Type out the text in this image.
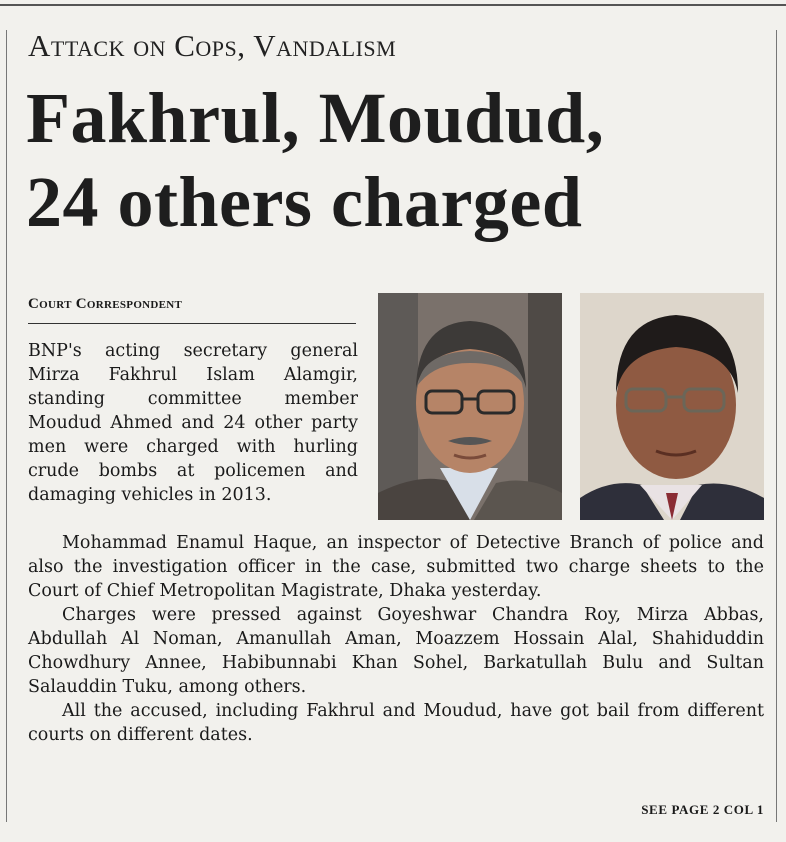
Attack on Cops, Vandalism
Fakhrul, Moudud,
24 others charged
Court Correspondent

BNP's acting secretary general Mirza Fakhrul Islam Alamgir, standing committee member Moudud Ahmed and 24 other party men were charged with hurling crude bombs at policemen and damaging vehicles in 2013.

Mohammad Enamul Haque, an inspector of Detective Branch of police and also the investigation officer in the case, submitted two charge sheets to the Court of Chief Metropolitan Magistrate, Dhaka yesterday.

Charges were pressed against Goyeshwar Chandra Roy, Mirza Abbas, Abdullah Al Noman, Amanullah Aman, Moazzem Hossain Alal, Shahiduddin Chowdhury Annee, Habibunnabi Khan Sohel, Barkatullah Bulu and Sultan Salauddin Tuku, among others.

All the accused, including Fakhrul and Moudud, have got bail from different courts on different dates.

SEE PAGE 2 COL 1
